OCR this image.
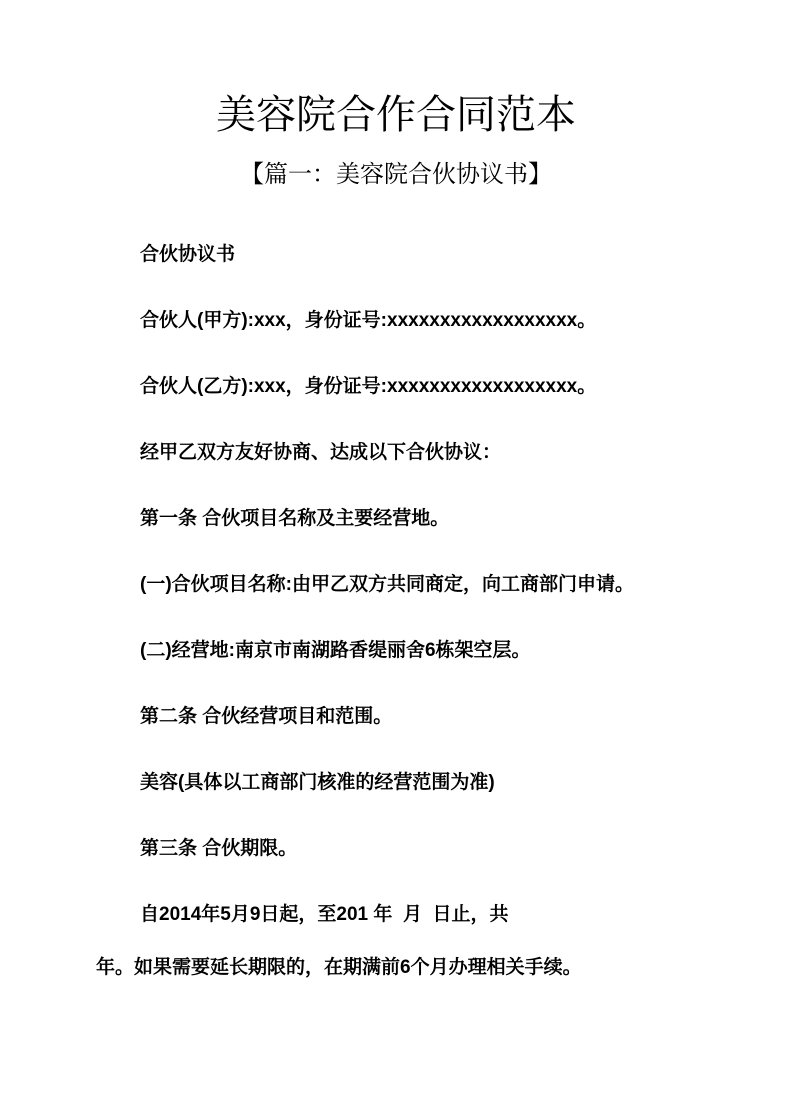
美容院合作合同范本
【篇一：美容院合伙协议书】
合伙协议书
合伙人(甲方):xxx，身份证号:xxxxxxxxxxxxxxxxxx。
合伙人(乙方):xxx，身份证号:xxxxxxxxxxxxxxxxxx。
经甲乙双方友好协商、达成以下合伙协议：
第一条 合伙项目名称及主要经营地。
(一)合伙项目名称:由甲乙双方共同商定，向工商部门申请。
(二)经营地:南京市南湖路香缇丽舍6栋架空层。
第二条 合伙经营项目和范围。
美容(具体以工商部门核准的经营范围为准)
第三条 合伙期限。
自2014年5月9日起，至201 年  月  日止，共
年。如果需要延长期限的，在期满前6个月办理相关手续。
